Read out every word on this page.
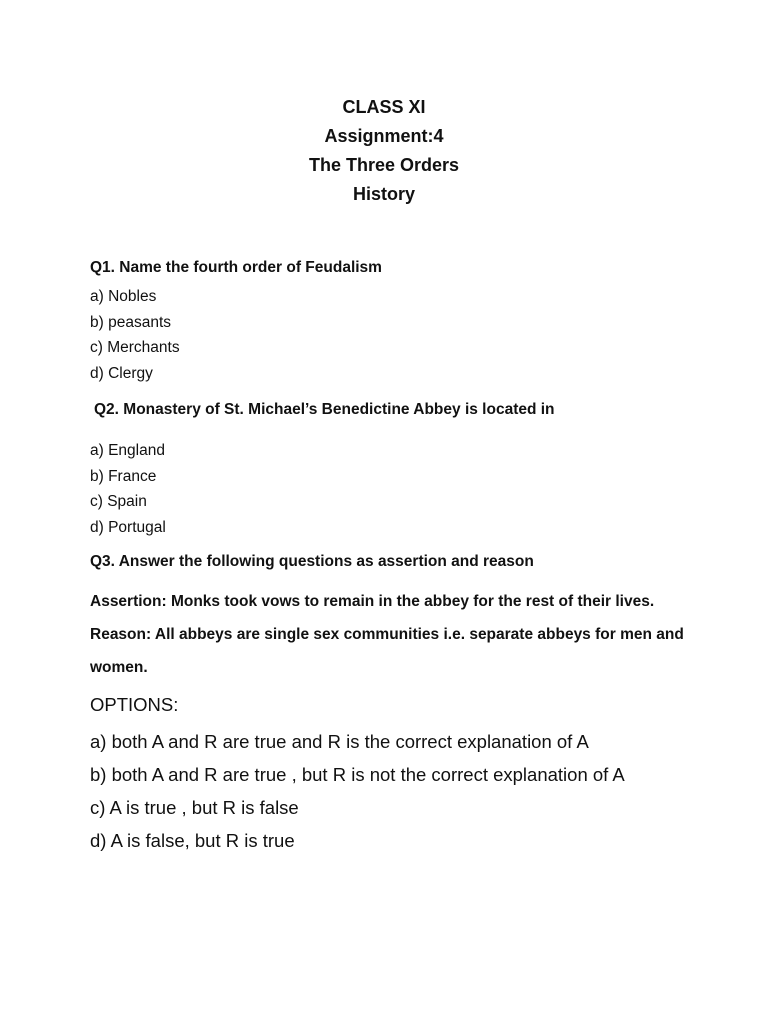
CLASS XI
Assignment:4
The Three Orders
History
Q1. Name the fourth order of Feudalism
a) Nobles
b) peasants
c) Merchants
d) Clergy
Q2. Monastery of St. Michael’s Benedictine Abbey is located in
a) England
b) France
c) Spain
d) Portugal
Q3. Answer the following questions as assertion and reason
Assertion: Monks took vows to remain in the abbey for the rest of their lives.
Reason: All abbeys are single sex communities i.e. separate abbeys for men and
women.
OPTIONS:
a) both A and R are true and R is the correct explanation of A
b) both A and R are true , but R is not the correct explanation of A
c) A is true , but R is false
d) A is false, but R is true
